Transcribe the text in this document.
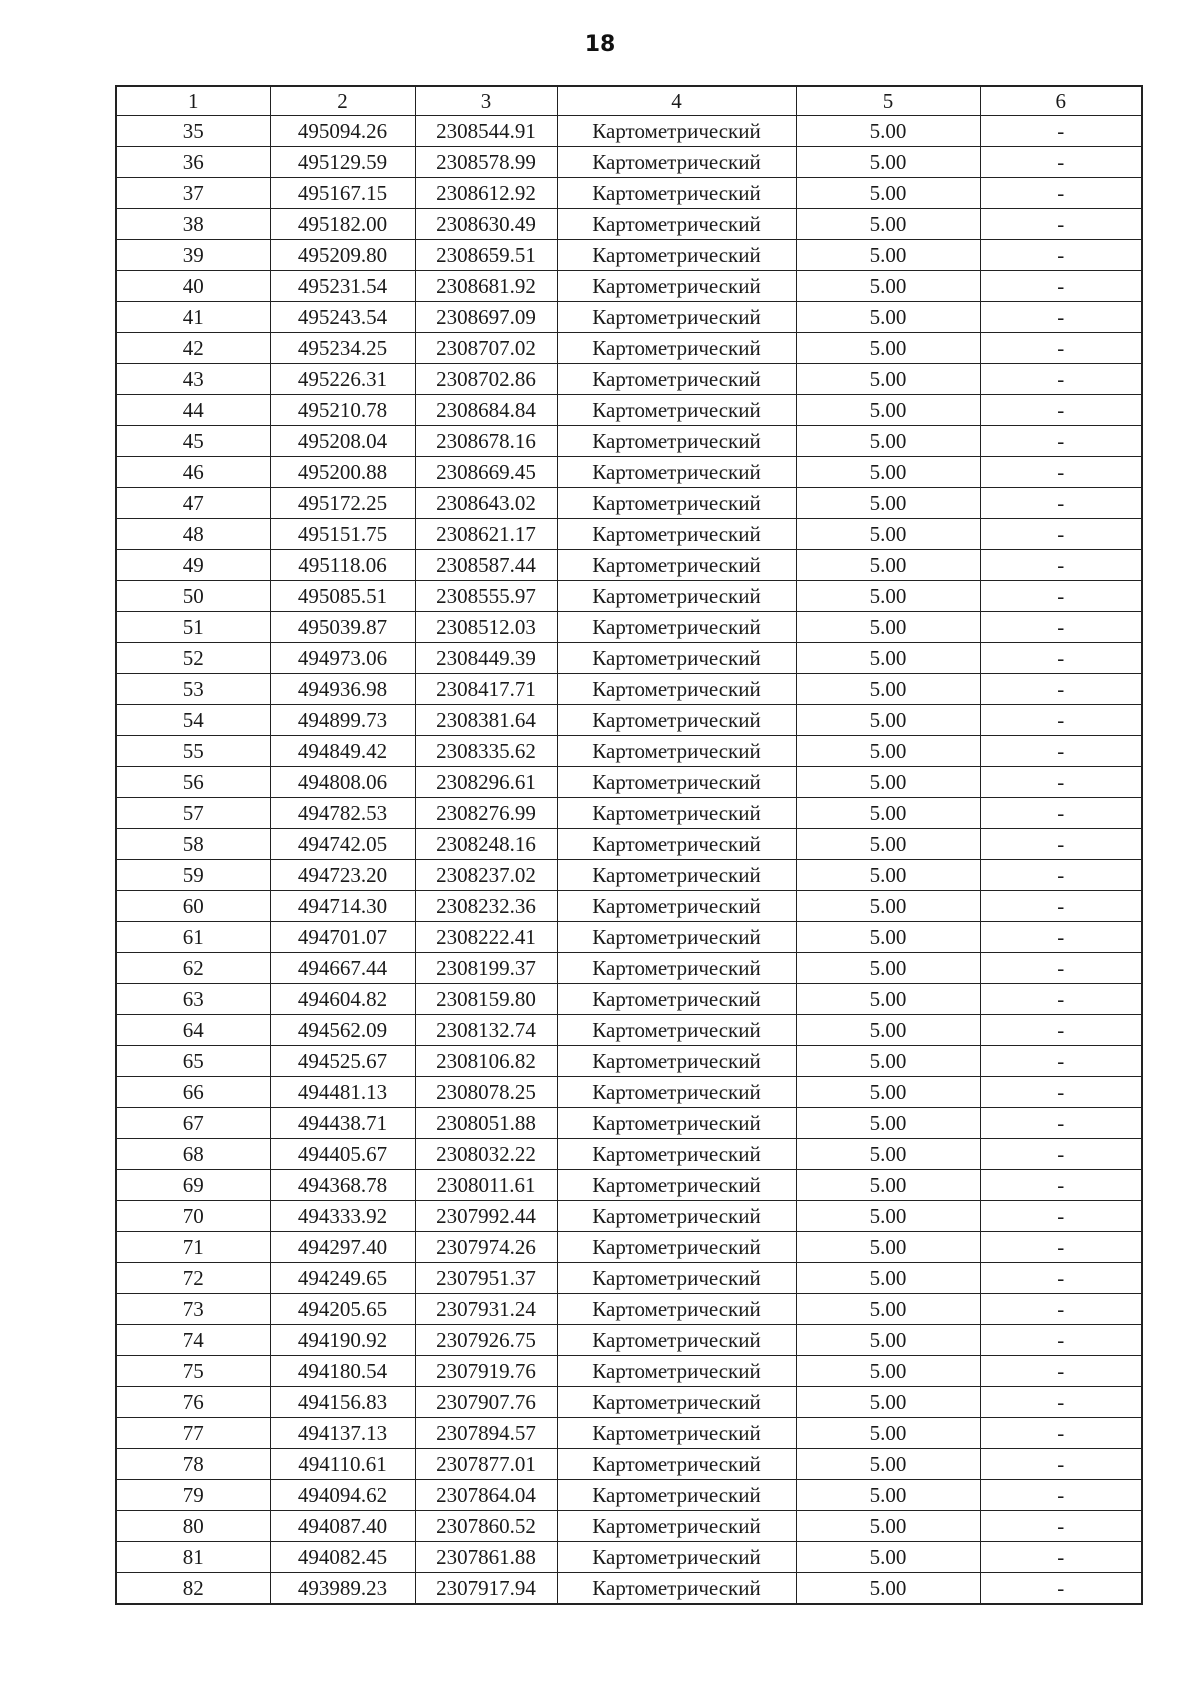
18
1	2	3	4	5	6
35	495094.26	2308544.91	Картометрический	5.00	-
36	495129.59	2308578.99	Картометрический	5.00	-
37	495167.15	2308612.92	Картометрический	5.00	-
38	495182.00	2308630.49	Картометрический	5.00	-
39	495209.80	2308659.51	Картометрический	5.00	-
40	495231.54	2308681.92	Картометрический	5.00	-
41	495243.54	2308697.09	Картометрический	5.00	-
42	495234.25	2308707.02	Картометрический	5.00	-
43	495226.31	2308702.86	Картометрический	5.00	-
44	495210.78	2308684.84	Картометрический	5.00	-
45	495208.04	2308678.16	Картометрический	5.00	-
46	495200.88	2308669.45	Картометрический	5.00	-
47	495172.25	2308643.02	Картометрический	5.00	-
48	495151.75	2308621.17	Картометрический	5.00	-
49	495118.06	2308587.44	Картометрический	5.00	-
50	495085.51	2308555.97	Картометрический	5.00	-
51	495039.87	2308512.03	Картометрический	5.00	-
52	494973.06	2308449.39	Картометрический	5.00	-
53	494936.98	2308417.71	Картометрический	5.00	-
54	494899.73	2308381.64	Картометрический	5.00	-
55	494849.42	2308335.62	Картометрический	5.00	-
56	494808.06	2308296.61	Картометрический	5.00	-
57	494782.53	2308276.99	Картометрический	5.00	-
58	494742.05	2308248.16	Картометрический	5.00	-
59	494723.20	2308237.02	Картометрический	5.00	-
60	494714.30	2308232.36	Картометрический	5.00	-
61	494701.07	2308222.41	Картометрический	5.00	-
62	494667.44	2308199.37	Картометрический	5.00	-
63	494604.82	2308159.80	Картометрический	5.00	-
64	494562.09	2308132.74	Картометрический	5.00	-
65	494525.67	2308106.82	Картометрический	5.00	-
66	494481.13	2308078.25	Картометрический	5.00	-
67	494438.71	2308051.88	Картометрический	5.00	-
68	494405.67	2308032.22	Картометрический	5.00	-
69	494368.78	2308011.61	Картометрический	5.00	-
70	494333.92	2307992.44	Картометрический	5.00	-
71	494297.40	2307974.26	Картометрический	5.00	-
72	494249.65	2307951.37	Картометрический	5.00	-
73	494205.65	2307931.24	Картометрический	5.00	-
74	494190.92	2307926.75	Картометрический	5.00	-
75	494180.54	2307919.76	Картометрический	5.00	-
76	494156.83	2307907.76	Картометрический	5.00	-
77	494137.13	2307894.57	Картометрический	5.00	-
78	494110.61	2307877.01	Картометрический	5.00	-
79	494094.62	2307864.04	Картометрический	5.00	-
80	494087.40	2307860.52	Картометрический	5.00	-
81	494082.45	2307861.88	Картометрический	5.00	-
82	493989.23	2307917.94	Картометрический	5.00	-
